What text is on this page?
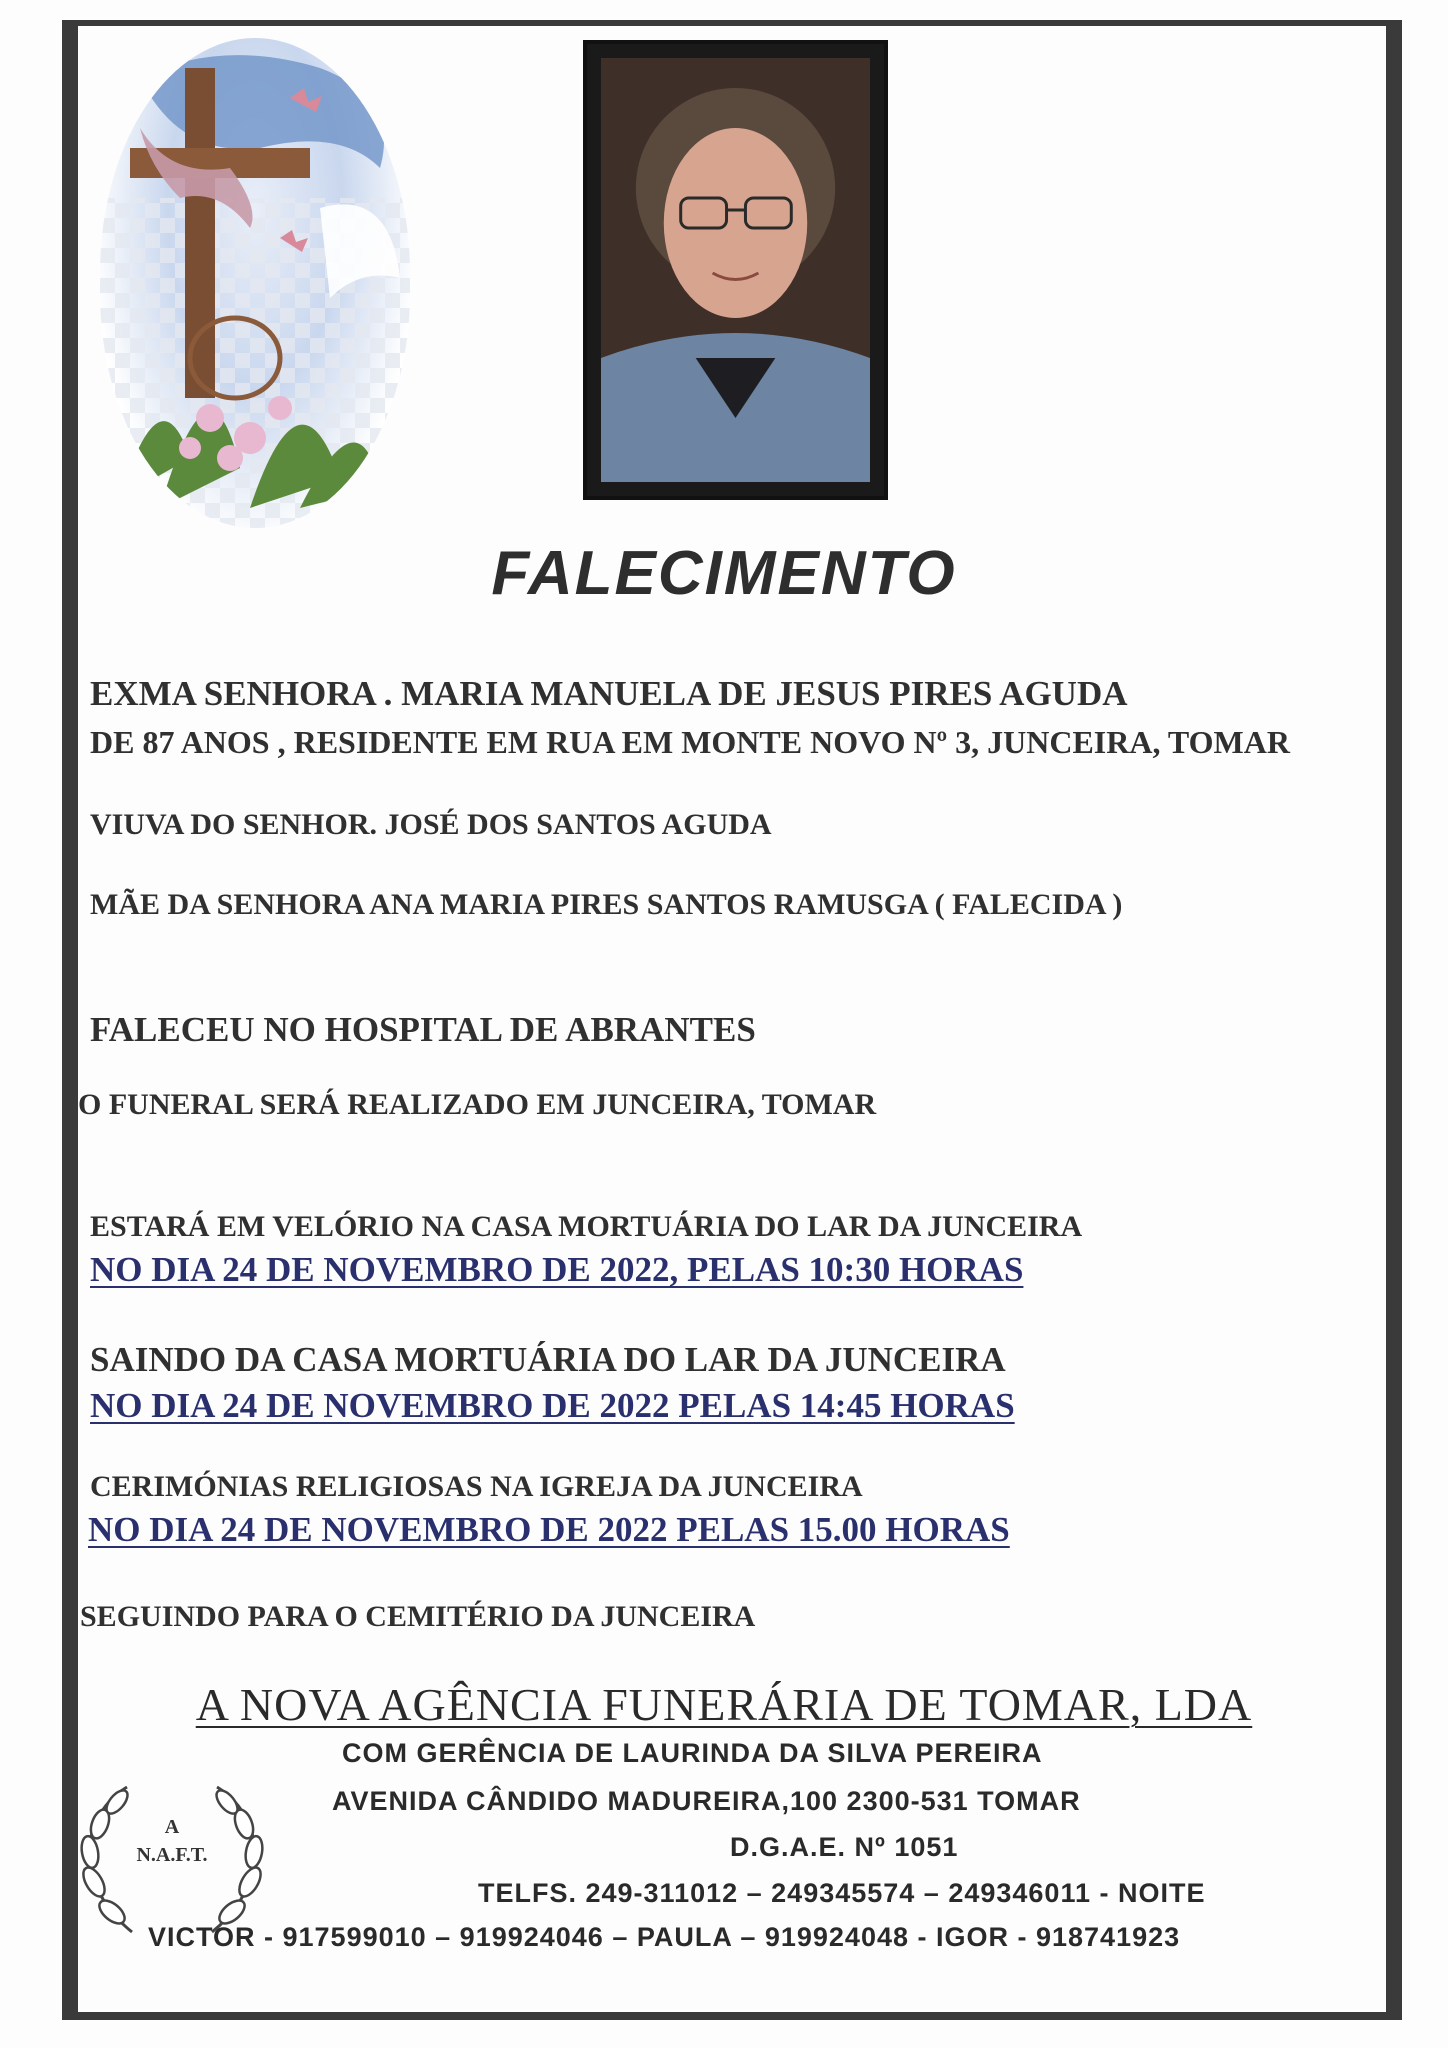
FALECIMENTO
EXMA SENHORA . MARIA MANUELA DE JESUS PIRES AGUDA
DE 87 ANOS , RESIDENTE EM RUA EM MONTE NOVO Nº 3, JUNCEIRA, TOMAR
VIUVA DO SENHOR. JOSÉ DOS SANTOS AGUDA
MÃE DA SENHORA ANA MARIA PIRES SANTOS RAMUSGA ( FALECIDA )
FALECEU NO HOSPITAL DE ABRANTES
O FUNERAL SERÁ REALIZADO EM JUNCEIRA, TOMAR
ESTARÁ EM VELÓRIO NA CASA MORTUÁRIA DO LAR DA JUNCEIRA
NO DIA 24 DE NOVEMBRO DE 2022, PELAS 10:30 HORAS
SAINDO DA CASA MORTUÁRIA DO LAR DA JUNCEIRA
NO DIA 24 DE NOVEMBRO DE 2022 PELAS 14:45 HORAS
CERIMÓNIAS RELIGIOSAS NA IGREJA DA JUNCEIRA
NO DIA 24 DE NOVEMBRO DE 2022 PELAS 15.00 HORAS
SEGUINDO PARA O CEMITÉRIO DA JUNCEIRA
A NOVA AGÊNCIA FUNERÁRIA DE TOMAR, LDA
COM GERÊNCIA DE LAURINDA DA SILVA PEREIRA
AVENIDA CÂNDIDO MADUREIRA,100 2300-531 TOMAR
D.G.A.E. Nº 1051
TELFS. 249-311012 – 249345574 – 249346011 - NOITE
VICTOR - 917599010 – 919924046 – PAULA – 919924048 - IGOR - 918741923
A
N.A.F.T.
